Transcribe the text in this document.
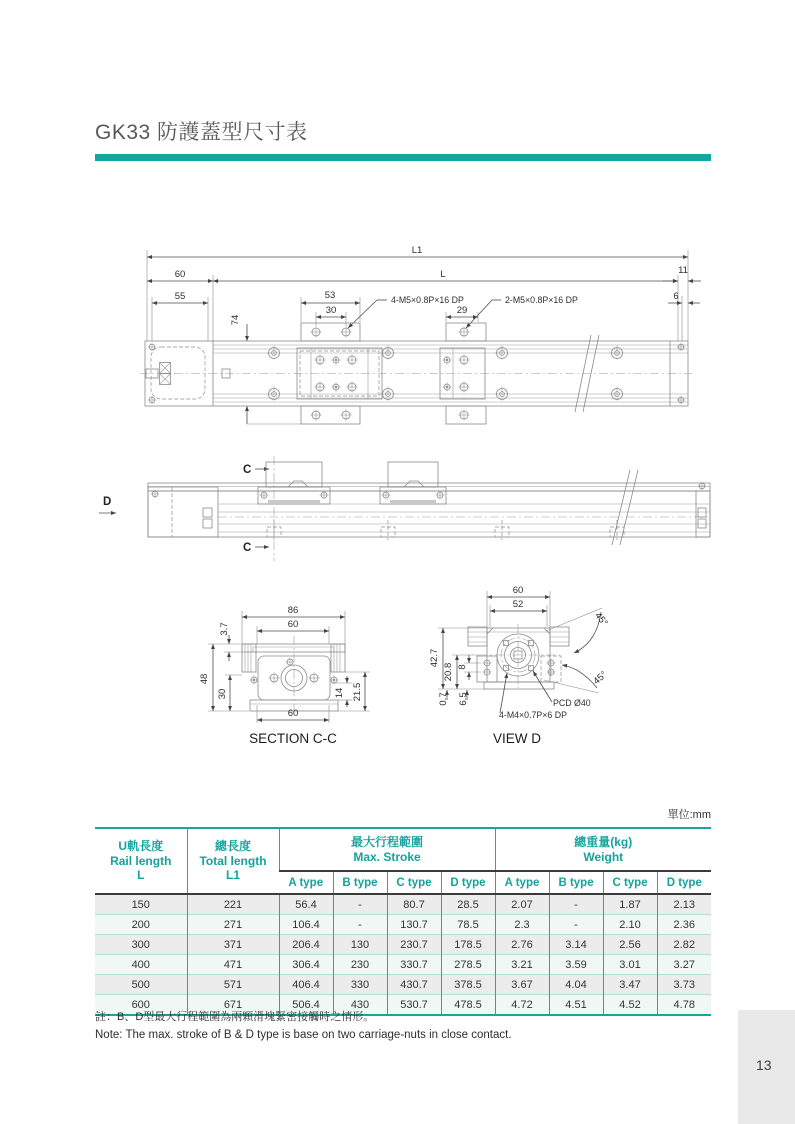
GK33 防護蓋型尺寸表
L1
60	L	11
55	6
53
30	29
74
4-M5×0.8P×16 DP	2-M5×0.8P×16 DP
D
C
C
86
60
48
30
3.7
14 21.5
60
SECTION C-C
60
52
42.7
20.8 8
0.7 6.5
45°
45°
PCD Ø40
4-M4×0.7P×6 DP
VIEW D
單位:mm
U軌長度
Rail length
L	總長度
Total length
L1	最大行程範圍
Max. Stroke				總重量(kg)
Weight			

		A type	B type	C type	D type	A type	B type	C type	D type
150	221	56.4	-	80.7	28.5	2.07	-	1.87	2.13
200	271	106.4	-	130.7	78.5	2.3	-	2.10	2.36
300	371	206.4	130	230.7	178.5	2.76	3.14	2.56	2.82
400	471	306.4	230	330.7	278.5	3.21	3.59	3.01	3.27
500	571	406.4	330	430.7	378.5	3.67	4.04	3.47	3.73
600	671	506.4	430	530.7	478.5	4.72	4.51	4.52	4.78
註：B、D型最大行程範圍為兩顆滑塊緊密接觸時之情形。
Note: The max. stroke of B & D type is base on two carriage-nuts in close contact.
13
